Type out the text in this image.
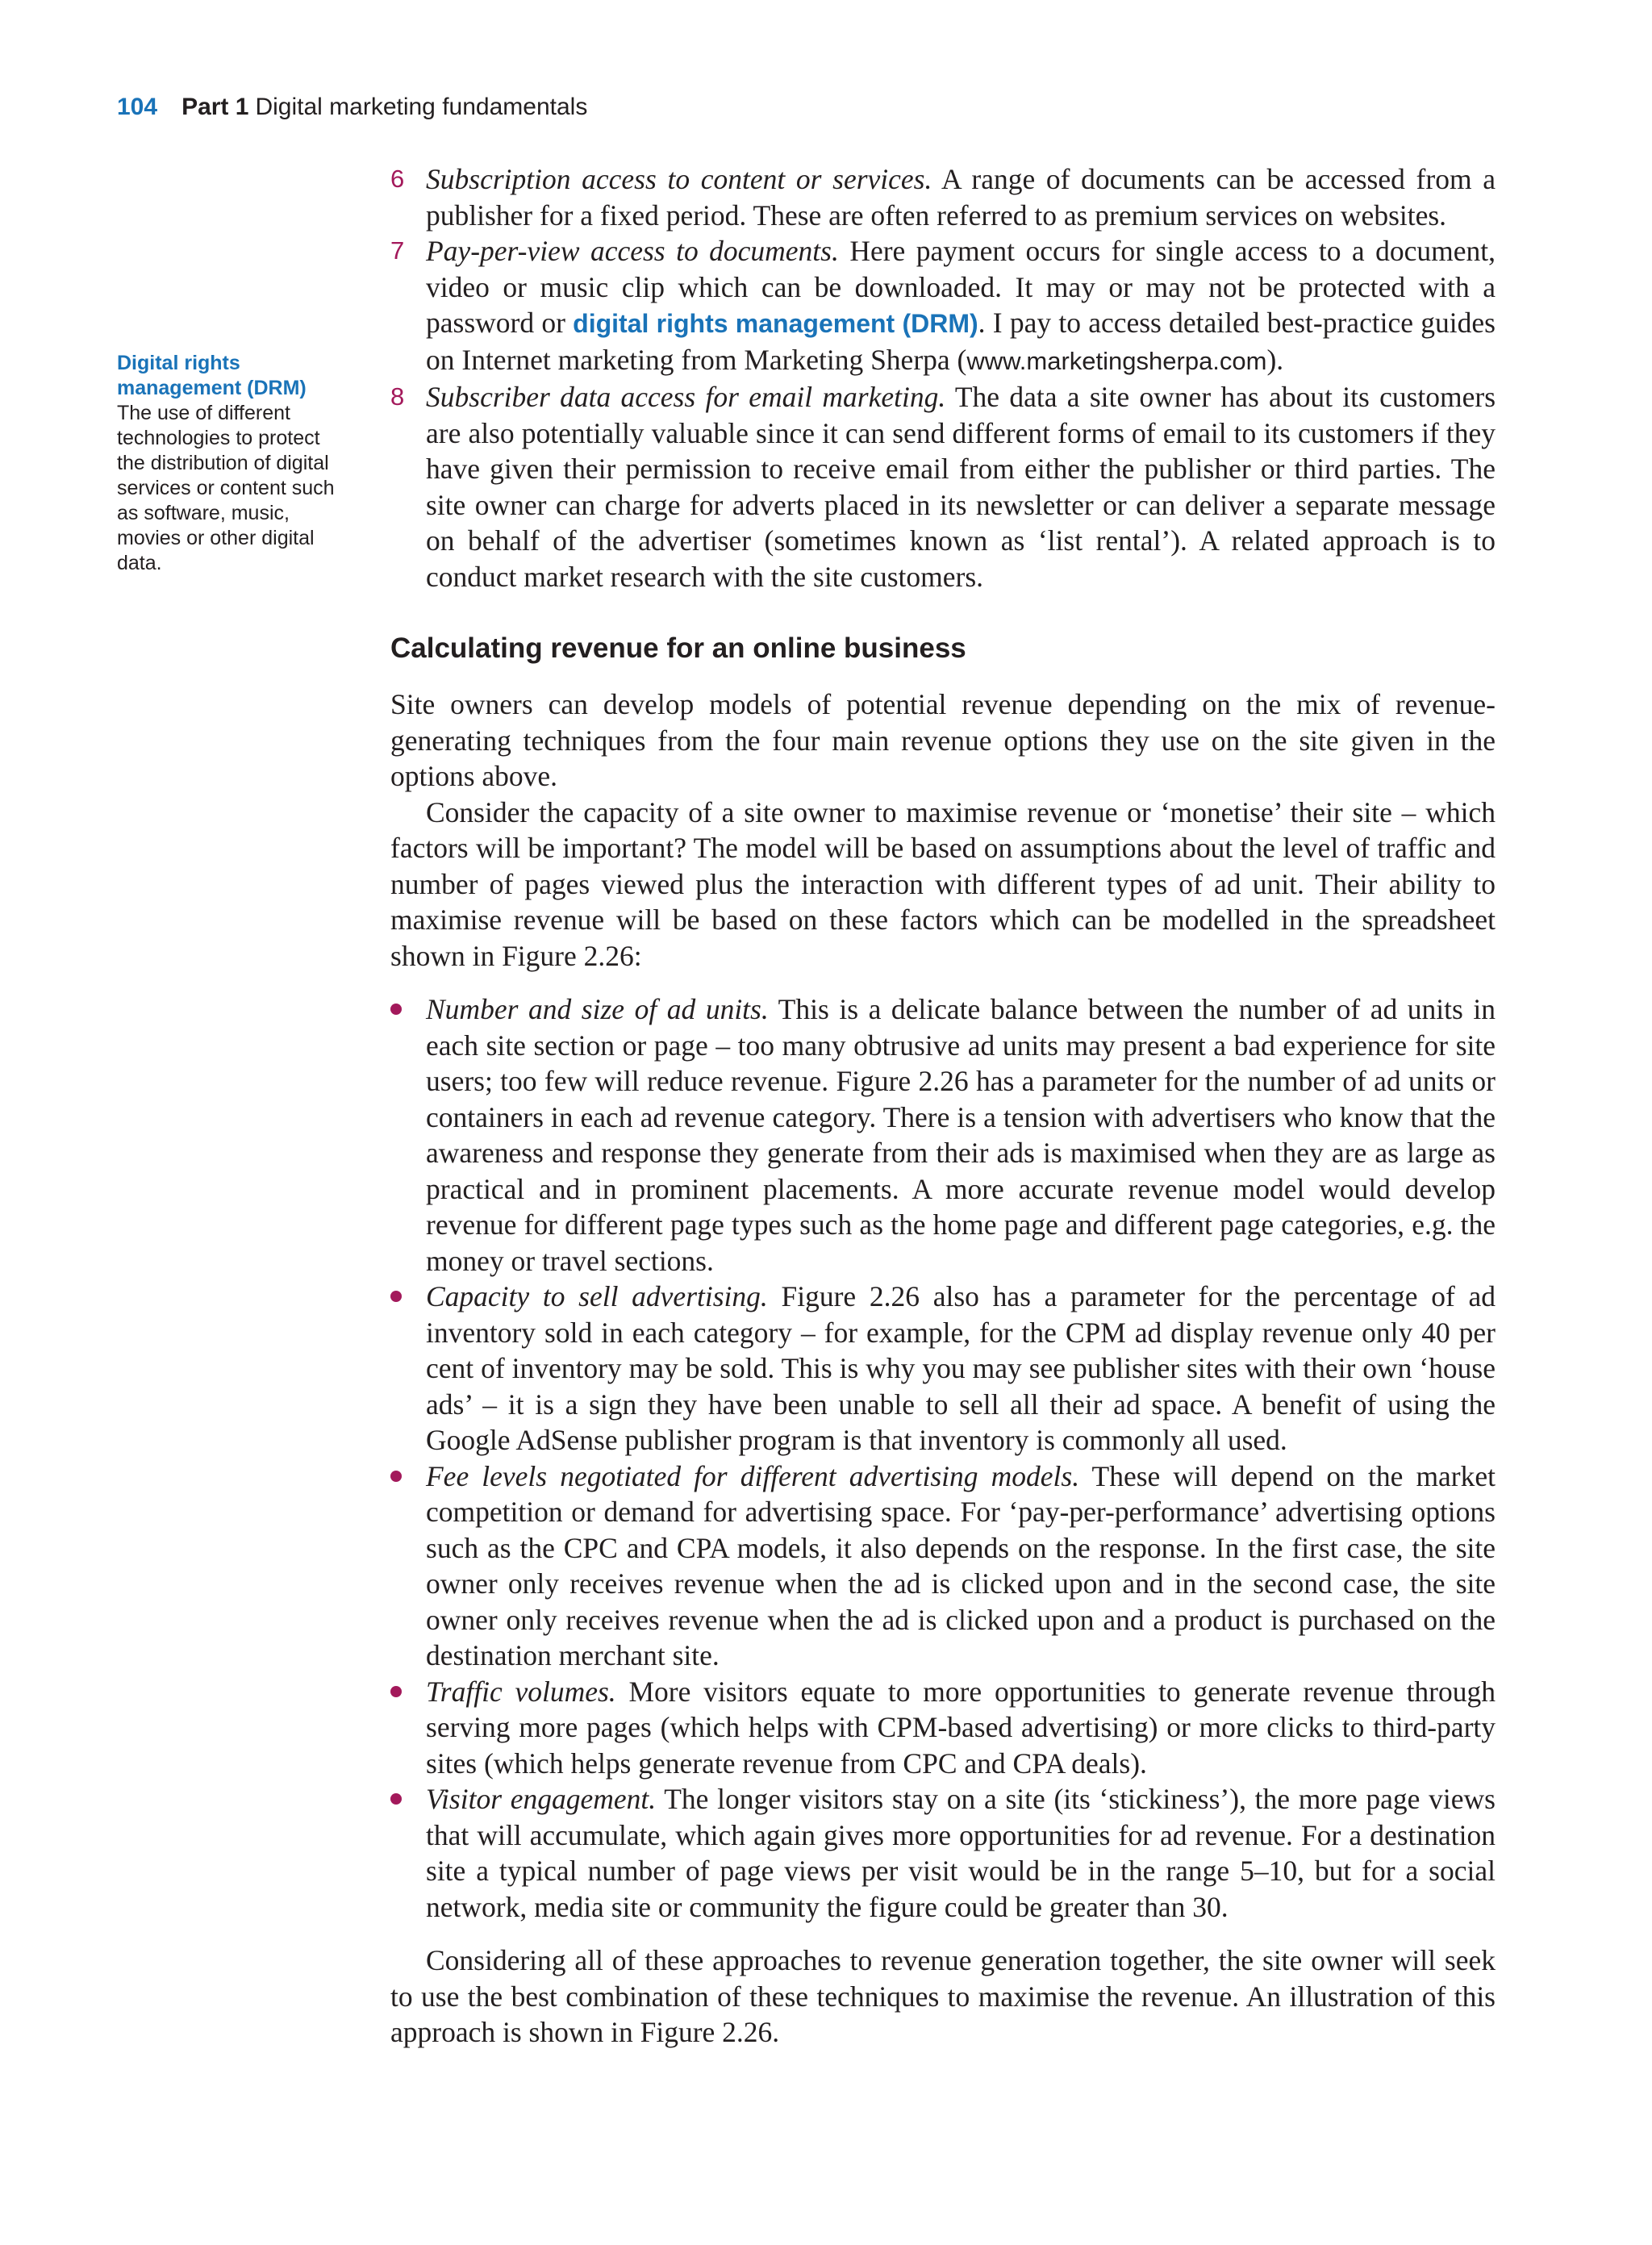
104 Part 1 Digital marketing fundamentals
Digital rights management (DRM)
The use of different technologies to protect the distribution of digital services or content such as software, music, movies or other digital data.

6 Subscription access to content or services. A range of documents can be accessed from a publisher for a fixed period. These are often referred to as premium services on websites.

7 Pay-per-view access to documents. Here payment occurs for single access to a document, video or music clip which can be downloaded. It may or may not be protected with a password or digital rights management (DRM). I pay to access detailed best-practice guides on Internet marketing from Marketing Sherpa (www.marketingsherpa.com).

8 Subscriber data access for email marketing. The data a site owner has about its customers are also potentially valuable since it can send different forms of email to its customers if they have given their permission to receive email from either the publisher or third parties. The site owner can charge for adverts placed in its newsletter or can deliver a separate message on behalf of the advertiser (sometimes known as ‘list rental’). A related approach is to conduct market research with the site customers.

Calculating revenue for an online business

Site owners can develop models of potential revenue depending on the mix of revenue-generating techniques from the four main revenue options they use on the site given in the options above.

Consider the capacity of a site owner to maximise revenue or ‘monetise’ their site – which factors will be important? The model will be based on assumptions about the level of traffic and number of pages viewed plus the interaction with different types of ad unit. Their ability to maximise revenue will be based on these factors which can be modelled in the spreadsheet shown in Figure 2.26:

Number and size of ad units. This is a delicate balance between the number of ad units in each site section or page – too many obtrusive ad units may present a bad experience for site users; too few will reduce revenue. Figure 2.26 has a parameter for the number of ad units or containers in each ad revenue category. There is a tension with advertisers who know that the awareness and response they generate from their ads is maximised when they are as large as practical and in prominent placements. A more accurate revenue model would develop revenue for different page types such as the home page and different page categories, e.g. the money or travel sections.

Capacity to sell advertising. Figure 2.26 also has a parameter for the percentage of ad inventory sold in each category – for example, for the CPM ad display revenue only 40 per cent of inventory may be sold. This is why you may see publisher sites with their own ‘house ads’ – it is a sign they have been unable to sell all their ad space. A benefit of using the Google AdSense publisher program is that inventory is commonly all used.

Fee levels negotiated for different advertising models. These will depend on the market competition or demand for advertising space. For ‘pay-per-performance’ advertising options such as the CPC and CPA models, it also depends on the response. In the first case, the site owner only receives revenue when the ad is clicked upon and in the second case, the site owner only receives revenue when the ad is clicked upon and a product is purchased on the destination merchant site.

Traffic volumes. More visitors equate to more opportunities to generate revenue through serving more pages (which helps with CPM-based advertising) or more clicks to third-party sites (which helps generate revenue from CPC and CPA deals).

Visitor engagement. The longer visitors stay on a site (its ‘stickiness’), the more page views that will accumulate, which again gives more opportunities for ad revenue. For a destination site a typical number of page views per visit would be in the range 5–10, but for a social network, media site or community the figure could be greater than 30.

Considering all of these approaches to revenue generation together, the site owner will seek to use the best combination of these techniques to maximise the revenue. An illustration of this approach is shown in Figure 2.26.
